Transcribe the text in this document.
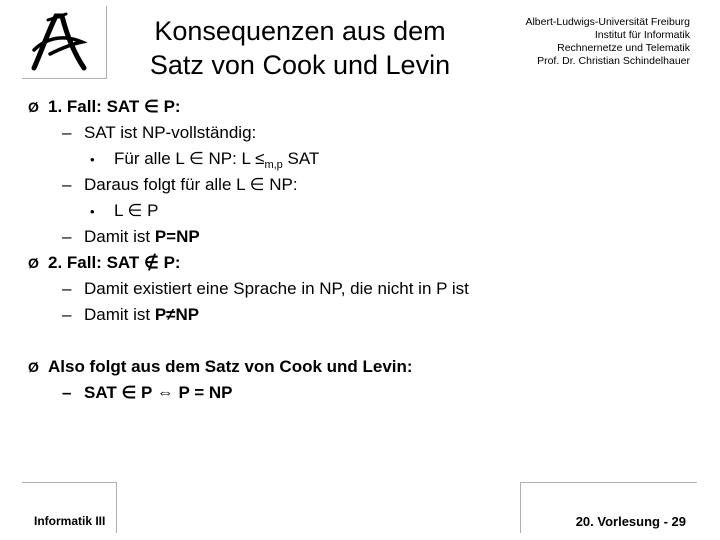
Konsequenzen aus dem
Satz von Cook und Levin
Albert-Ludwigs-Universität Freiburg
Institut für Informatik
Rechnernetze und Telematik
Prof. Dr. Christian Schindelhauer
Ø 1. Fall: SAT ∈ P:
– SAT ist NP-vollständig:
• Für alle L ∈ NP: $L \le_{m,p}$ SAT
– Daraus folgt für alle L ∈ NP:
• L ∈ P
– Damit ist P=NP
Ø 2. Fall: SAT ∉ P:
– Damit existiert eine Sprache in NP, die nicht in P ist
– Damit ist P≠NP
Ø Also folgt aus dem Satz von Cook und Levin:
– SAT ∈ P ⇔ P = NP
Informatik III	20. Vorlesung - 29
